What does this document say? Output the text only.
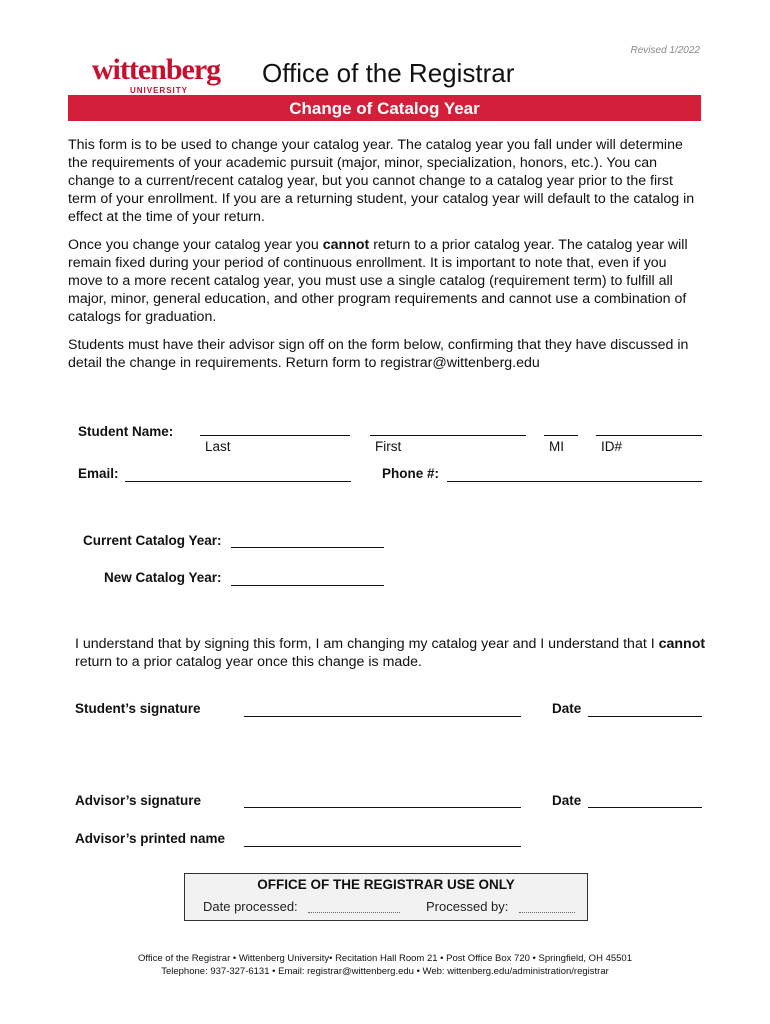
Revised 1/2022
wittenberg
UNIVERSITY
Office of the Registrar
Change of Catalog Year
This form is to be used to change your catalog year. The catalog year you fall under will determine the requirements of your academic pursuit (major, minor, specialization, honors, etc.). You can change to a current/recent catalog year, but you cannot change to a catalog year prior to the first term of your enrollment. If you are a returning student, your catalog year will default to the catalog in effect at the time of your return.
Once you change your catalog year you cannot return to a prior catalog year. The catalog year will remain fixed during your period of continuous enrollment. It is important to note that, even if you move to a more recent catalog year, you must use a single catalog (requirement term) to fulfill all major, minor, general education, and other program requirements and cannot use a combination of catalogs for graduation.
Students must have their advisor sign off on the form below, confirming that they have discussed in detail the change in requirements. Return form to registrar@wittenberg.edu
Student Name:
Last	First	MI	ID#
Email:	Phone #:
Current Catalog Year:
New Catalog Year:
I understand that by signing this form, I am changing my catalog year and I understand that I cannot return to a prior catalog year once this change is made.
Student’s signature	Date
Advisor’s signature	Date
Advisor’s printed name
OFFICE OF THE REGISTRAR USE ONLY
Date processed:	Processed by:
Office of the Registrar • Wittenberg University• Recitation Hall Room 21 • Post Office Box 720 • Springfield, OH 45501
Telephone: 937-327-6131 • Email: registrar@wittenberg.edu • Web: wittenberg.edu/administration/registrar
